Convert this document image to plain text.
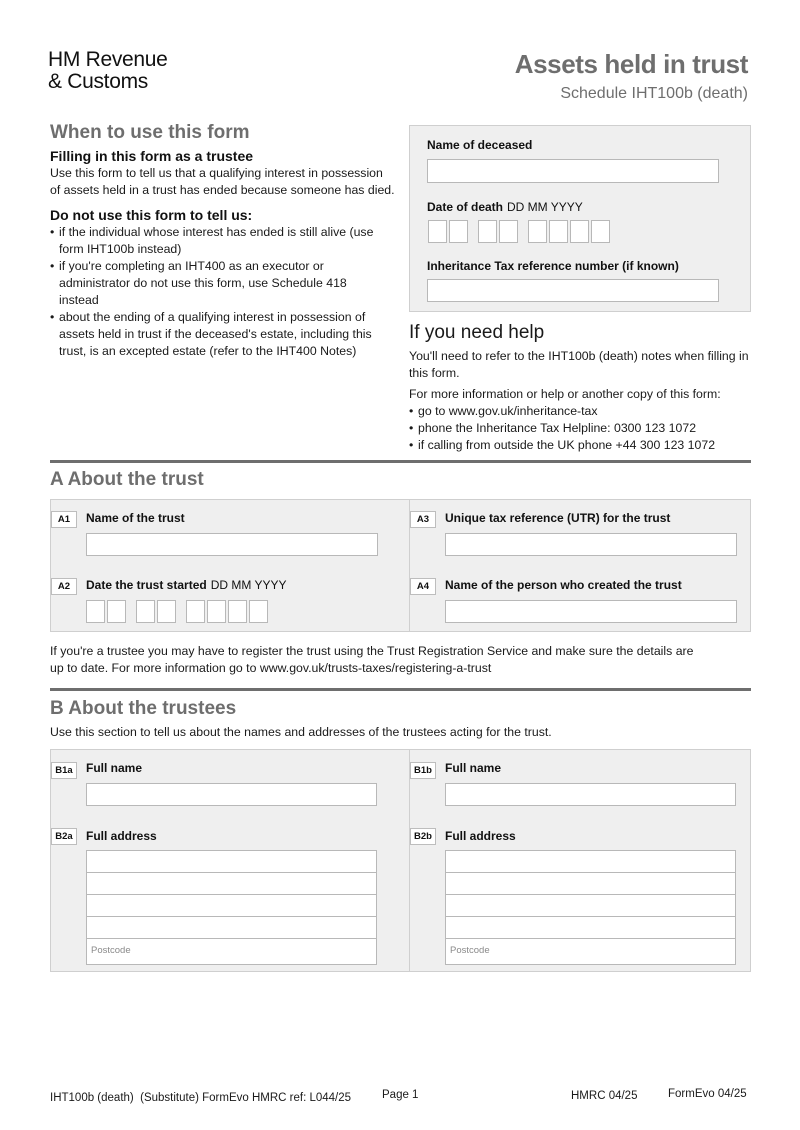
HM Revenue
& Customs
Assets held in trust
Schedule IHT100b (death)
When to use this form
Filling in this form as a trustee
Use this form to tell us that a qualifying interest in possession of assets held in a trust has ended because someone has died.
Do not use this form to tell us:
• if the individual whose interest has ended is still alive (use form IHT100b instead)
• if you're completing an IHT400 as an executor or administrator do not use this form, use Schedule 418 instead
• about the ending of a qualifying interest in possession of assets held in trust if the deceased's estate, including this trust, is an excepted estate (refer to the IHT400 Notes)
Name of deceased
Date of death DD MM YYYY
Inheritance Tax reference number (if known)
If you need help
You'll need to refer to the IHT100b (death) notes when filling in this form.
For more information or help or another copy of this form:
• go to www.gov.uk/inheritance-tax
• phone the Inheritance Tax Helpline: 0300 123 1072
• if calling from outside the UK phone +44 300 123 1072
A About the trust
A1	Name of the trust
A2	Date the trust started DD MM YYYY
A3	Unique tax reference (UTR) for the trust
A4	Name of the person who created the trust
If you're a trustee you may have to register the trust using the Trust Registration Service and make sure the details are
up to date. For more information go to www.gov.uk/trusts-taxes/registering-a-trust
B About the trustees
Use this section to tell us about the names and addresses of the trustees acting for the trust.
B1a	Full name
B2a	Full address
Postcode
B1b	Full name
B2b	Full address
Postcode
IHT100b (death) (Substitute) FormEvo HMRC ref: L044/25	Page 1	HMRC 04/25	FormEvo 04/25
